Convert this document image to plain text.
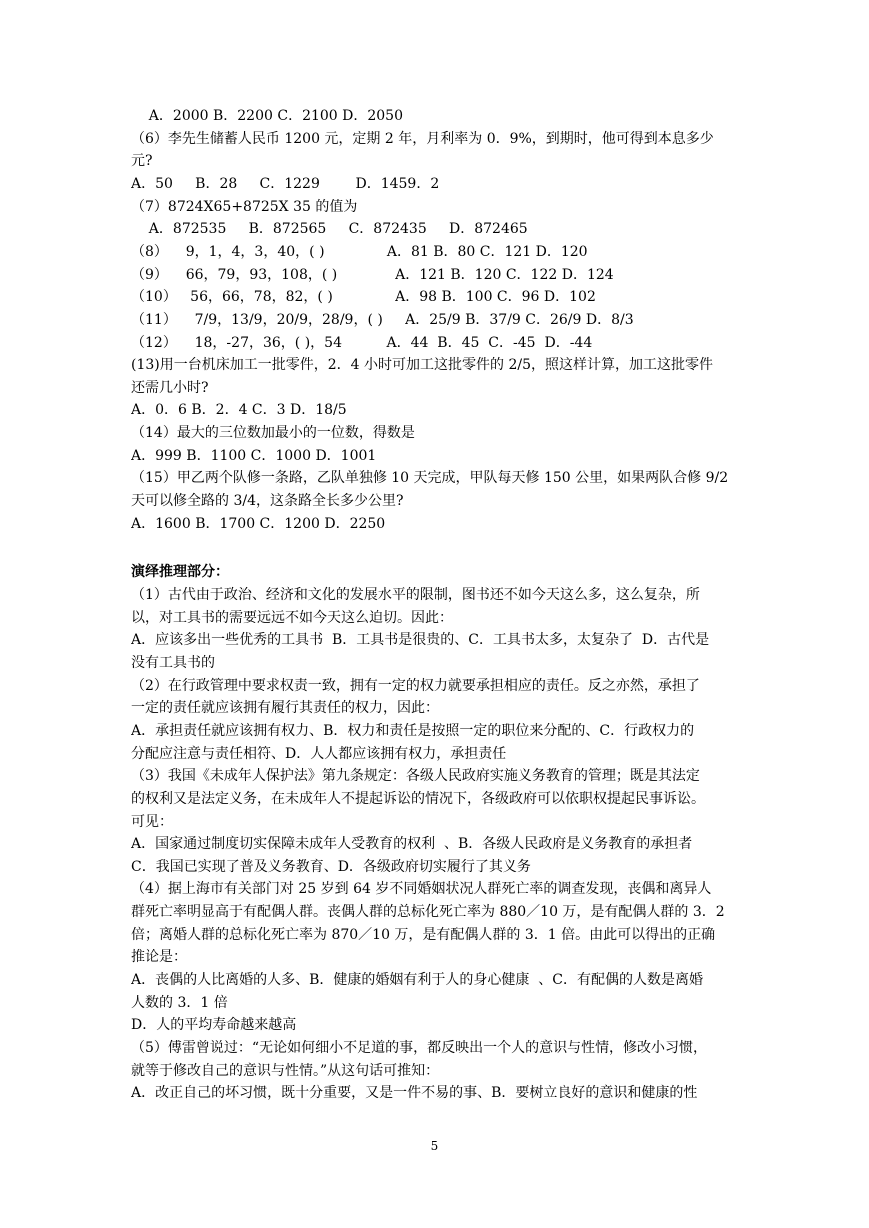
A．2000 B．2200 C．2100 D．2050
（6）李先生储蓄人民币 1200 元，定期 2 年，月利率为 0．9%，到期时，他可得到本息多少
元?
A．50     B．28     C．1229        D．1459．2
（7）8724X65+8725X 35 的值为
A．872535     B．872565     C．872435     D．872465
（8）    9，1，4，3，40，( )              A．81 B．80 C．121 D．120
（9）    66，79，93，108，( )             A．121 B．120 C．122 D．124
（10）   56，66，78，82，( )              A．98 B．100 C．96 D．102
（11）    7/9，13/9，20/9，28/9，( )     A．25/9 B．37/9 C．26/9 D．8/3
（12）    18，-27，36，( )，54          A．44  B．45  C．-45  D．-44
(13)用一台机床加工一批零件，2．4 小时可加工这批零件的 2/5，照这样计算，加工这批零件
还需几小时?
A．0．6 B．2．4 C．3 D．18/5
（14）最大的三位数加最小的一位数，得数是
A．999 B．1100 C．1000 D．1001
（15）甲乙两个队修一条路，乙队单独修 10 天完成，甲队每天修 150 公里，如果两队合修 9/2
天可以修全路的 3/4，这条路全长多少公里?
A．1600 B．1700 C．1200 D．2250
演绎推理部分：
（1）古代由于政治、经济和文化的发展水平的限制，图书还不如今天这么多，这么复杂，所
以，对工具书的需要远远不如今天这么迫切。因此：
A．应该多出一些优秀的工具书  B．工具书是很贵的、C．工具书太多，太复杂了  D．古代是
没有工具书的
（2）在行政管理中要求权责一致，拥有一定的权力就要承担相应的责任。反之亦然，承担了
一定的责任就应该拥有履行其责任的权力，因此：
A．承担责任就应该拥有权力、B．权力和责任是按照一定的职位来分配的、C．行政权力的
分配应注意与责任相符、D．人人都应该拥有权力，承担责任
（3）我国《未成年人保护法》第九条规定：各级人民政府实施义务教育的管理；既是其法定
的权利又是法定义务，在未成年人不提起诉讼的情况下，各级政府可以依职权提起民事诉讼。
可见：
A．国家通过制度切实保障未成年人受教育的权利  、B．各级人民政府是义务教育的承担者
C．我国已实现了普及义务教育、D．各级政府切实履行了其义务
（4）据上海市有关部门对 25 岁到 64 岁不同婚姻状况人群死亡率的调查发现，丧偶和离异人
群死亡率明显高于有配偶人群。丧偶人群的总标化死亡率为 880／10 万，是有配偶人群的 3．2
倍；离婚人群的总标化死亡率为 870／10 万，是有配偶人群的 3．1 倍。由此可以得出的正确
推论是：
A．丧偶的人比离婚的人多、B．健康的婚姻有利于人的身心健康  、C．有配偶的人数是离婚
人数的 3．1 倍
D．人的平均寿命越来越高
（5）傅雷曾说过：“无论如何细小不足道的事，都反映出一个人的意识与性情，修改小习惯，
就等于修改自己的意识与性情。”从这句话可推知：
A．改正自己的坏习惯，既十分重要，又是一件不易的事、B．要树立良好的意识和健康的性
5
